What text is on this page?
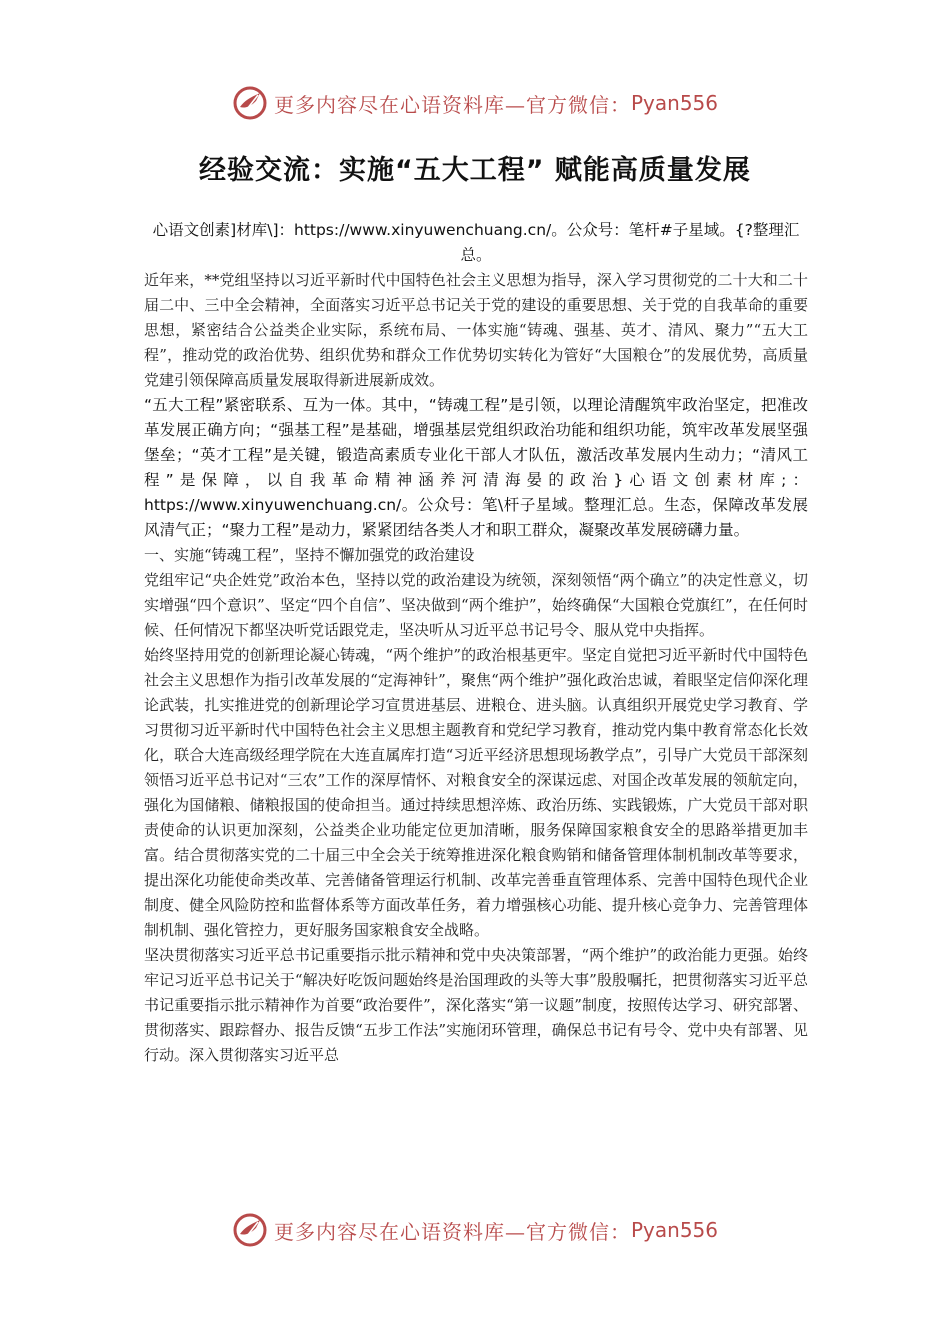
更多内容尽在心语资料库—官方微信： Pyan556
经验交流：实施“五大工程” 赋能高质量发展

心语文创素]材库\]：https://www.xinyuwenchuang.cn/。公众号：笔杆#子星域。{?整理汇总。

近年来，**党组坚持以习近平新时代中国特色社会主义思想为指导，深入学习贯彻党的二十大和二十届二中、三中全会精神，全面落实习近平总书记关于党的建设的重要思想、关于党的自我革命的重要思想，紧密结合公益类企业实际，系统布局、一体实施“铸魂、强基、英才、清风、聚力”“五大工程”，推动党的政治优势、组织优势和群众工作优势切实转化为管好“大国粮仓”的发展优势，高质量党建引领保障高质量发展取得新进展新成效。

“五大工程”紧密联系、互为一体。其中，“铸魂工程”是引领，以理论清醒筑牢政治坚定，把准改革发展正确方向；“强基工程”是基础，增强基层党组织政治功能和组织功能，筑牢改革发展坚强堡垒；“英才工程”是关键，锻造高素质专业化干部人才队伍，激活改革发展内生动力；“清风工程”是保障，以自我革命精神涵养河清海晏的政治}心语文创素材库;：https://www.xinyuwenchuang.cn/。公众号：笔\杆子星域。整理汇总。生态，保障改革发展风清气正；“聚力工程”是动力，紧紧团结各类人才和职工群众，凝聚改革发展磅礴力量。

一、实施“铸魂工程”，坚持不懈加强党的政治建设

党组牢记“央企姓党”政治本色，坚持以党的政治建设为统领，深刻领悟“两个确立”的决定性意义，切实增强“四个意识”、坚定“四个自信”、坚决做到“两个维护”，始终确保“大国粮仓党旗红”，在任何时候、任何情况下都坚决听党话跟党走，坚决听从习近平总书记号令、服从党中央指挥。

始终坚持用党的创新理论凝心铸魂，“两个维护”的政治根基更牢。坚定自觉把习近平新时代中国特色社会主义思想作为指引改革发展的“定海神针”，聚焦“两个维护”强化政治忠诚，着眼坚定信仰深化理论武装，扎实推进党的创新理论学习宣贯进基层、进粮仓、进头脑。认真组织开展党史学习教育、学习贯彻习近平新时代中国特色社会主义思想主题教育和党纪学习教育，推动党内集中教育常态化长效化，联合大连高级经理学院在大连直属库打造“习近平经济思想现场教学点”，引导广大党员干部深刻领悟习近平总书记对“三农”工作的深厚情怀、对粮食安全的深谋远虑、对国企改革发展的领航定向，强化为国储粮、储粮报国的使命担当。通过持续思想淬炼、政治历练、实践锻炼，广大党员干部对职责使命的认识更加深刻，公益类企业功能定位更加清晰，服务保障国家粮食安全的思路举措更加丰富。结合贯彻落实党的二十届三中全会关于统筹推进深化粮食购销和储备管理体制机制改革等要求，提出深化功能使命类改革、完善储备管理运行机制、改革完善垂直管理体系、完善中国特色现代企业制度、健全风险防控和监督体系等方面改革任务，着力增强核心功能、提升核心竞争力、完善管理体制机制、强化管控力，更好服务国家粮食安全战略。

坚决贯彻落实习近平总书记重要指示批示精神和党中央决策部署，“两个维护”的政治能力更强。始终牢记习近平总书记关于“解决好吃饭问题始终是治国理政的头等大事”殷殷嘱托，把贯彻落实习近平总书记重要指示批示精神作为首要“政治要件”，深化落实“第一议题”制度，按照传达学习、研究部署、贯彻落实、跟踪督办、报告反馈“五步工作法”实施闭环管理，确保总书记有号令、党中央有部署、见行动。深入贯彻落实习近平总

更多内容尽在心语资料库—官方微信： Pyan556
